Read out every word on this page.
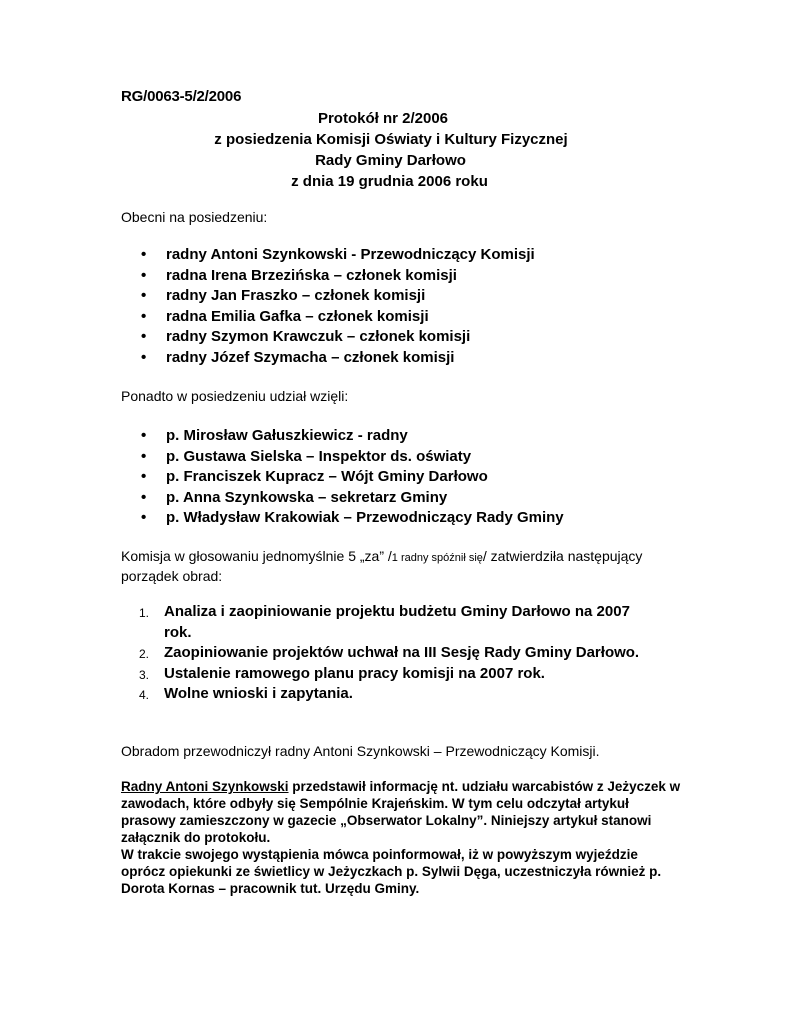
RG/0063-5/2/2006
Protokół nr 2/2006
z posiedzenia Komisji Oświaty i Kultury Fizycznej
Rady Gminy Darłowo
z dnia 19 grudnia 2006 roku
Obecni na posiedzeniu:
• radny Antoni Szynkowski - Przewodniczący Komisji
• radna Irena Brzezińska – członek komisji
• radny Jan Fraszko – członek komisji
• radna Emilia Gafka – członek komisji
• radny Szymon Krawczuk – członek komisji
• radny Józef Szymacha – członek komisji
Ponadto w posiedzeniu udział wzięli:
• p. Mirosław Gałuszkiewicz - radny
• p. Gustawa Sielska – Inspektor ds. oświaty
• p. Franciszek Kupracz – Wójt Gminy Darłowo
• p. Anna Szynkowska – sekretarz Gminy
• p. Władysław Krakowiak – Przewodniczący Rady Gminy
Komisja w głosowaniu jednomyślnie 5 „za” /1 radny spóźnił się/ zatwierdziła następujący
porządek obrad:
1. Analiza i zaopiniowanie projektu budżetu Gminy Darłowo na 2007 rok.
2. Zaopiniowanie projektów uchwał na III Sesję Rady Gminy Darłowo.
3. Ustalenie ramowego planu pracy komisji na 2007 rok.
4. Wolne wnioski i zapytania.
Obradom przewodniczył radny Antoni Szynkowski – Przewodniczący Komisji.
Radny Antoni Szynkowski przedstawił informację nt. udziału warcabistów z Jeżyczek w zawodach, które odbyły się Sempólnie Krajeńskim. W tym celu odczytał artykuł prasowy zamieszczony w gazecie „Obserwator Lokalny”. Niniejszy artykuł stanowi załącznik do protokołu.
W trakcie swojego wystąpienia mówca poinformował, iż w powyższym wyjeździe oprócz opiekunki ze świetlicy w Jeżyczkach p. Sylwii Dęga, uczestniczyła również p. Dorota Kornas – pracownik tut. Urzędu Gminy.
